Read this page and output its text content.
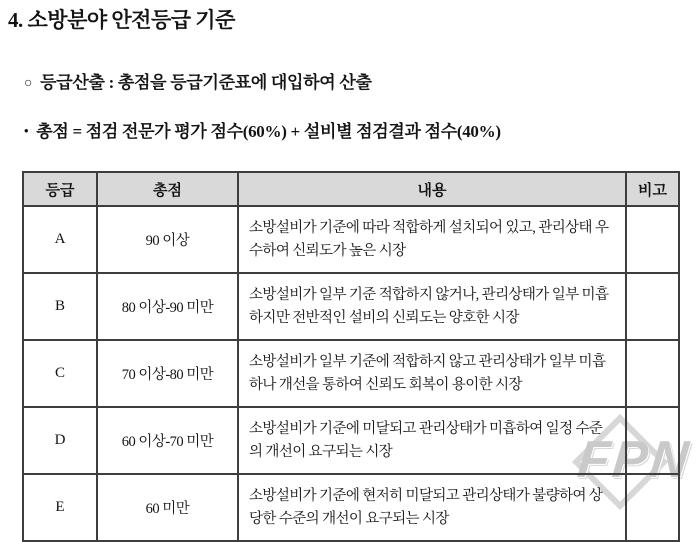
4. 소방분야 안전등급 기준
○ 등급산출 : 총점을 등급기준표에 대입하여 산출
• 총점 = 점검 전문가 평가 점수(60%) + 설비별 점검결과 점수(40%)
FPN
등급	총점	내용	비고
A	90 이상	소방설비가 기준에 따라 적합하게 설치되어 있고, 관리상태 우수하여 신뢰도가 높은 시장	
B	80 이상-90 미만	소방설비가 일부 기준 적합하지 않거나, 관리상태가 일부 미흡하지만 전반적인 설비의 신뢰도는 양호한 시장	
C	70 이상-80 미만	소방설비가 일부 기준에 적합하지 않고 관리상태가 일부 미흡하나 개선을 통하여 신뢰도 회복이 용이한 시장	
D	60 이상-70 미만	소방설비가 기준에 미달되고 관리상태가 미흡하여 일정 수준의 개선이 요구되는 시장	
E	60 미만	소방설비가 기준에 현저히 미달되고 관리상태가 불량하여 상당한 수준의 개선이 요구되는 시장	
